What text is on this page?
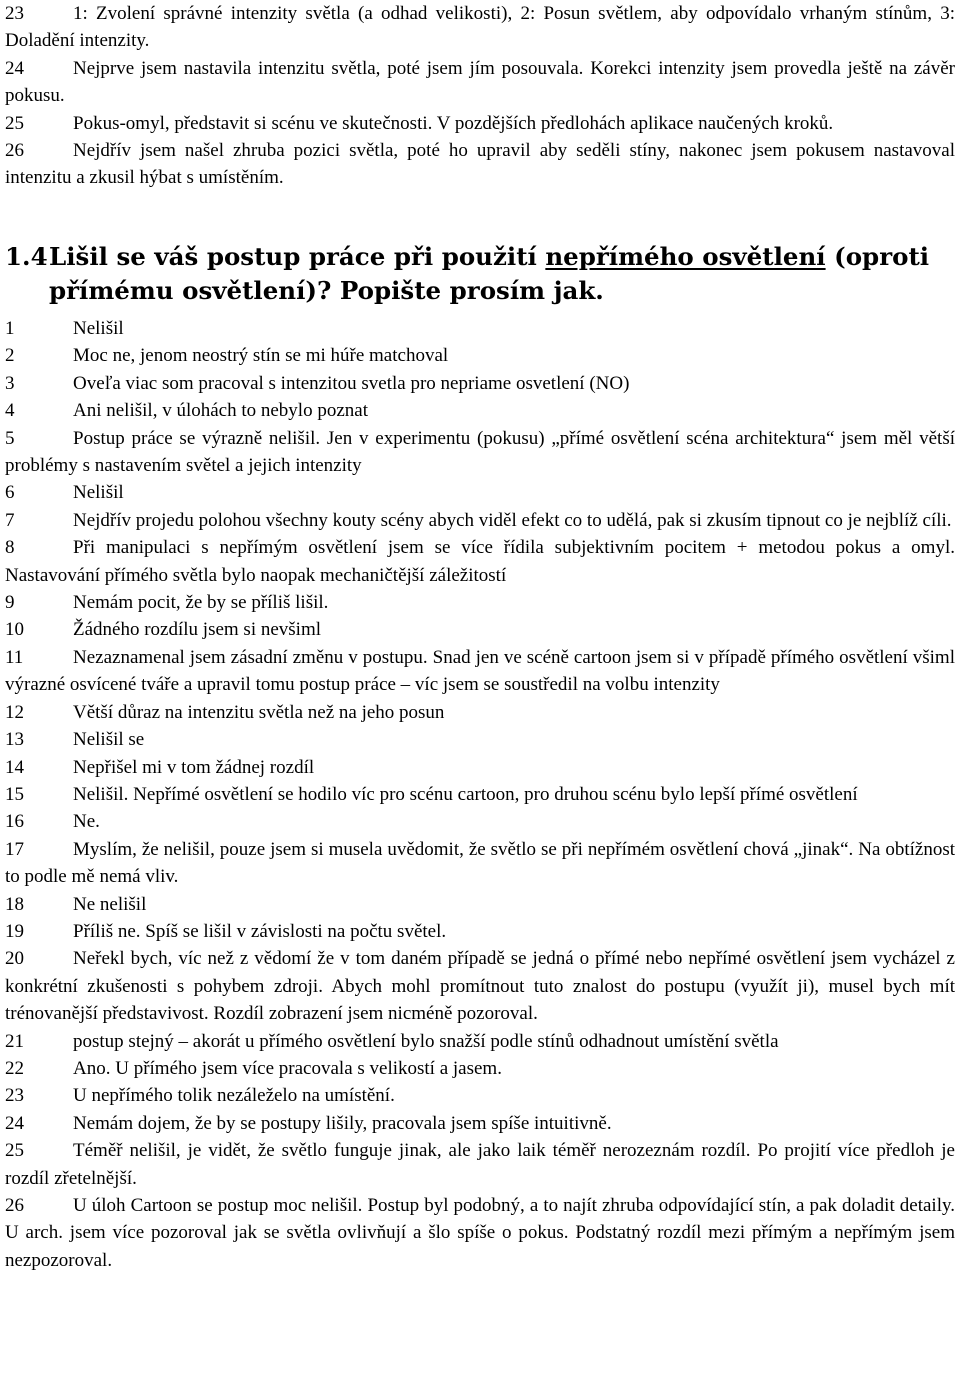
23	1: Zvolení správné intenzity světla (a odhad velikosti), 2: Posun světlem, aby odpovídalo vrhaným stínům, 3: Doladění intenzity.

24	Nejprve jsem nastavila intenzitu světla, poté jsem jím posouvala. Korekci intenzity jsem provedla ještě na závěr pokusu.

25	Pokus-omyl, představit si scénu ve skutečnosti. V pozdějších předlohách aplikace naučených kroků.

26	Nejdřív jsem našel zhruba pozici světla, poté ho upravil aby seděli stíny, nakonec jsem pokusem nastavoval intenzitu a zkusil hýbat s umístěním.

1.4Lišil se váš postup práce při použití nepřímého osvětlení (oproti
přímému osvětlení)? Popište prosím jak.

1	Nelišil

2	Moc ne, jenom neostrý stín se mi húře matchoval

3	Oveľa viac som pracoval s intenzitou svetla pro nepriame osvetlení (NO)

4	Ani nelišil, v úlohách to nebylo poznat

5	Postup práce se výrazně nelišil. Jen v experimentu (pokusu) „přímé osvětlení scéna architektura“ jsem měl větší problémy s nastavením světel a jejich intenzity

6	Nelišil

7	Nejdřív projedu polohou všechny kouty scény abych viděl efekt co to udělá, pak si zkusím tipnout co je nejblíž cíli.

8	Při manipulaci s nepřímým osvětlení jsem se více řídila subjektivním pocitem + metodou pokus a omyl. Nastavování přímého světla bylo naopak mechaničtější záležitostí

9	Nemám pocit, že by se příliš lišil.

10	Žádného rozdílu jsem si nevšiml

11	Nezaznamenal jsem zásadní změnu v postupu. Snad jen ve scéně cartoon jsem si v případě přímého osvětlení všiml výrazné osvícené tváře a upravil tomu postup práce – víc jsem se soustředil na volbu intenzity

12	Větší důraz na intenzitu světla než na jeho posun

13	Nelišil se

14	Nepřišel mi v tom žádnej rozdíl

15	Nelišil. Nepřímé osvětlení se hodilo víc pro scénu cartoon, pro druhou scénu bylo lepší přímé osvětlení

16	Ne.

17	Myslím, že nelišil, pouze jsem si musela uvědomit, že světlo se při nepřímém osvětlení chová „jinak“. Na obtížnost to podle mě nemá vliv.

18	Ne nelišil

19	Příliš ne. Spíš se lišil v závislosti na počtu světel.

20	Neřekl bych, víc než z vědomí že v tom daném případě se jedná o přímé nebo nepřímé osvětlení jsem vycházel z konkrétní zkušenosti s pohybem zdroji. Abych mohl promítnout tuto znalost do postupu (využít ji), musel bych mít trénovanější představivost. Rozdíl zobrazení jsem nicméně pozoroval.

21	postup stejný – akorát u přímého osvětlení bylo snažší podle stínů odhadnout umístění světla

22	Ano. U přímého jsem více pracovala s velikostí a jasem.

23	U nepřímého tolik nezáleželo na umístění.

24	Nemám dojem, že by se postupy lišily, pracovala jsem spíše intuitivně.

25	Téměř nelišil, je vidět, že světlo funguje jinak, ale jako laik téměř nerozeznám rozdíl. Po projití více předloh je rozdíl zřetelnější.

26	U úloh Cartoon se postup moc nelišil. Postup byl podobný, a to najít zhruba odpovídající stín, a pak doladit detaily. U arch. jsem více pozoroval jak se světla ovlivňují a šlo spíše o pokus. Podstatný rozdíl mezi přímým a nepřímým jsem nezpozoroval.
